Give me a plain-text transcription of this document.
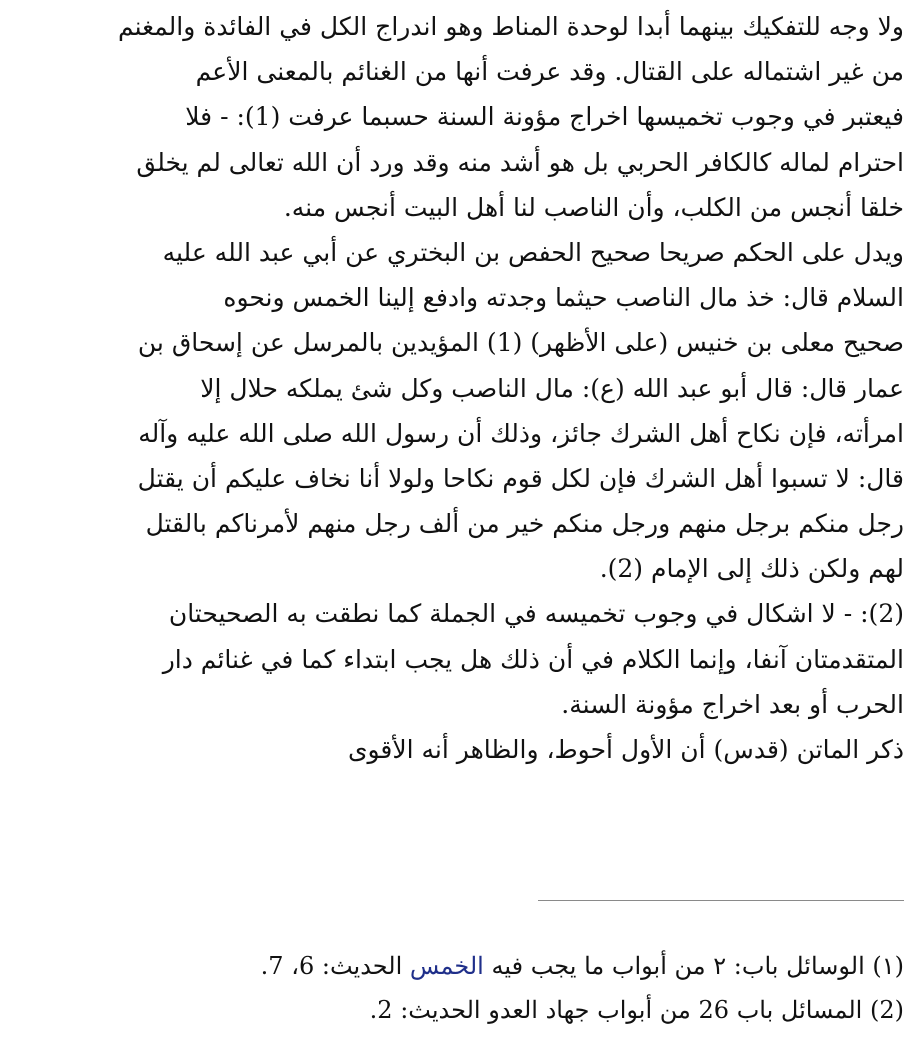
ولا وجه للتفكيك بينهما أبدا لوحدة المناط وهو اندراج الكل في الفائدة والمغنم
من غير اشتماله على القتال. وقد عرفت أنها من الغنائم بالمعنى الأعم
فيعتبر في وجوب تخميسها اخراج مؤونة السنة حسبما عرفت (1): - فلا
احترام لماله كالكافر الحربي بل هو أشد منه وقد ورد أن الله تعالى لم يخلق
خلقا أنجس من الكلب، وأن الناصب لنا أهل البيت أنجس منه.
ويدل على الحكم صريحا صحيح الحفص بن البختري عن أبي عبد الله عليه
السلام قال: خذ مال الناصب حيثما وجدته وادفع إلينا الخمس ونحوه
صحيح معلى بن خنيس (على الأظهر) (1) المؤيدين بالمرسل عن إسحاق بن
عمار قال: قال أبو عبد الله (ع): مال الناصب وكل شئ يملكه حلال إلا
امرأته، فإن نكاح أهل الشرك جائز، وذلك أن رسول الله صلى الله عليه وآله
قال: لا تسبوا أهل الشرك فإن لكل قوم نكاحا ولولا أنا نخاف عليكم أن يقتل
رجل منكم برجل منهم ورجل منكم خير من ألف رجل منهم لأمرناكم بالقتل
لهم ولكن ذلك إلى الإمام (2).
(2): - لا اشكال في وجوب تخميسه في الجملة كما نطقت به الصحيحتان
المتقدمتان آنفا، وإنما الكلام في أن ذلك هل يجب ابتداء كما في غنائم دار
الحرب أو بعد اخراج مؤونة السنة.
ذكر الماتن (قدس) أن الأول أحوط، والظاهر أنه الأقوى
(١) الوسائل باب: ٢ من أبواب ما يجب فيه الخمس الحديث: 6، 7.
(2) المسائل باب 26 من أبواب جهاد العدو الحديث: 2.
